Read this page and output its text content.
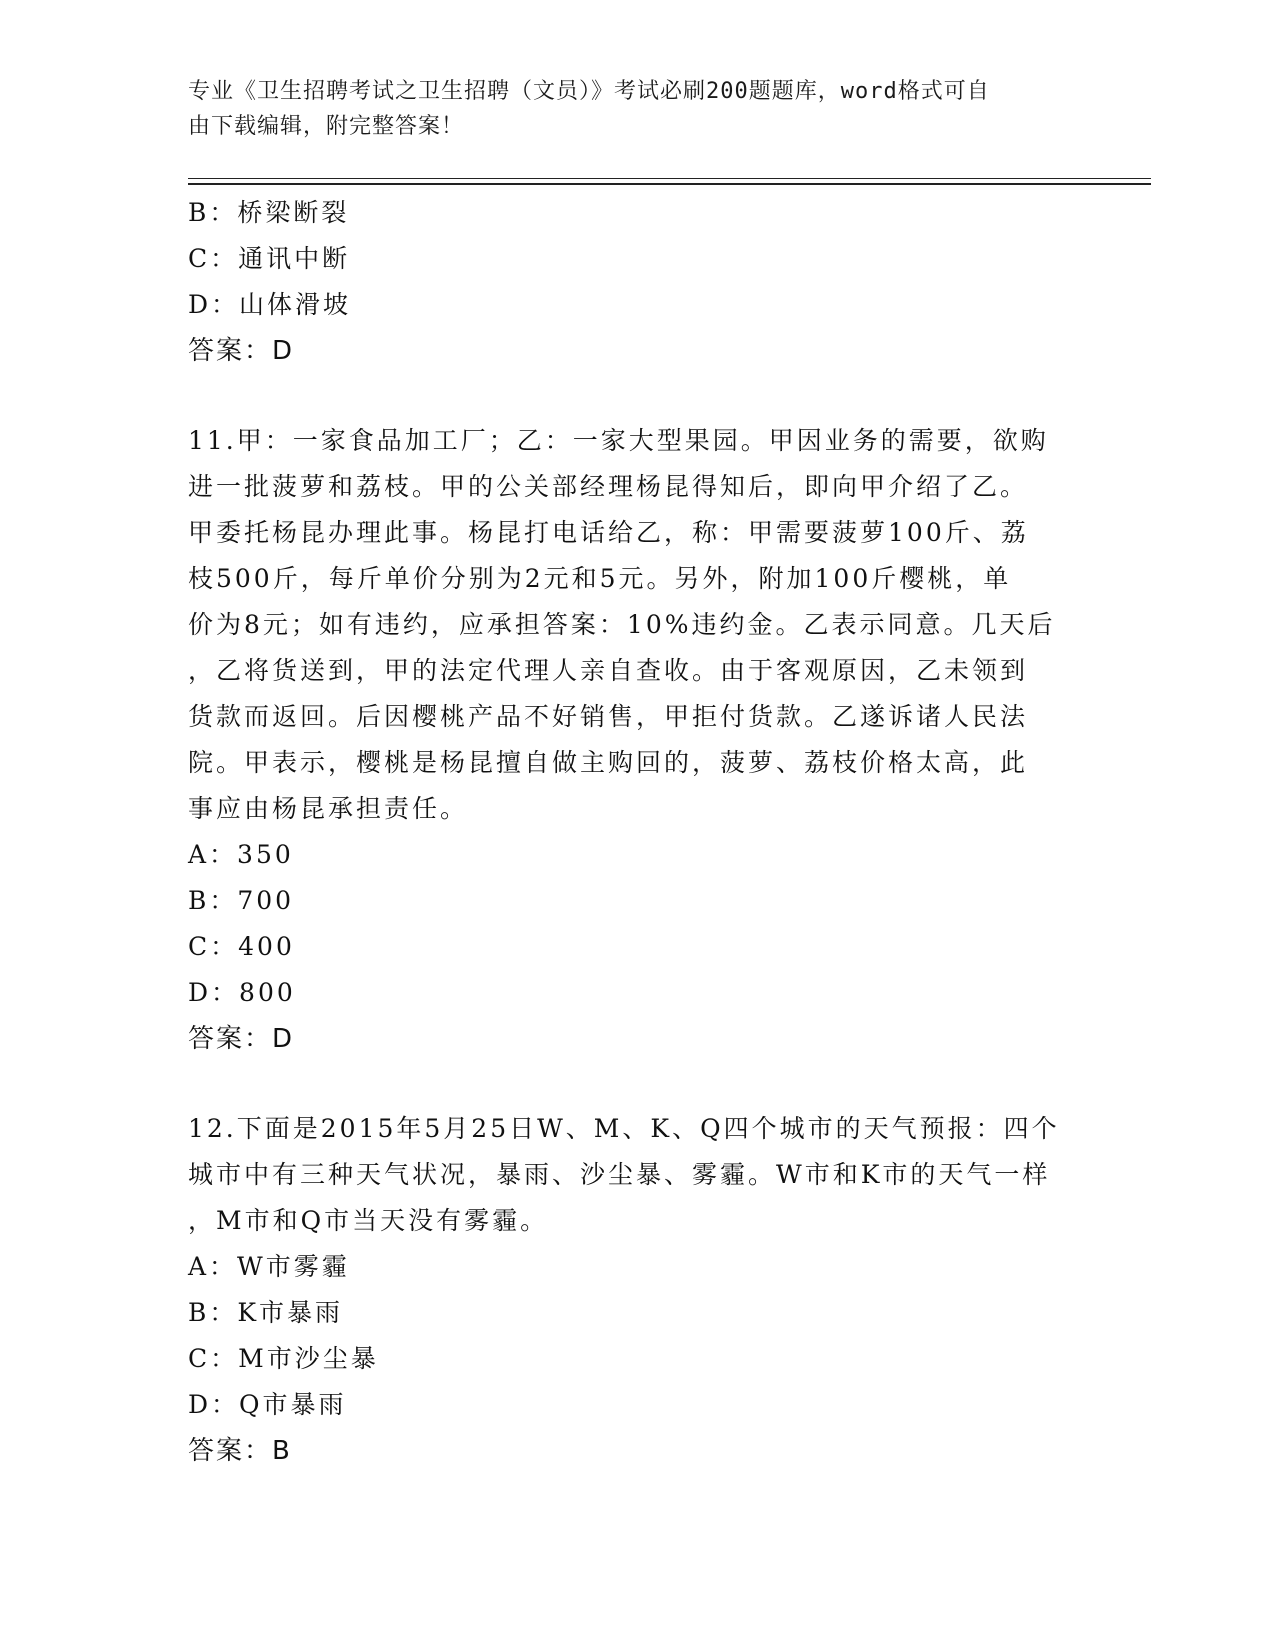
专业《卫生招聘考试之卫生招聘（文员）》考试必刷200题题库，word格式可自
由下载编辑，附完整答案！
B：桥梁断裂
C：通讯中断
D：山体滑坡
答案：D
11.甲：一家食品加工厂；乙：一家大型果园。甲因业务的需要，欲购
进一批菠萝和荔枝。甲的公关部经理杨昆得知后，即向甲介绍了乙。
甲委托杨昆办理此事。杨昆打电话给乙，称：甲需要菠萝100斤、荔
枝500斤，每斤单价分别为2元和5元。另外，附加100斤樱桃，单
价为8元；如有违约，应承担答案：10%违约金。乙表示同意。几天后
，乙将货送到，甲的法定代理人亲自查收。由于客观原因，乙未领到
货款而返回。后因樱桃产品不好销售，甲拒付货款。乙遂诉诸人民法
院。甲表示，樱桃是杨昆擅自做主购回的，菠萝、荔枝价格太高，此
事应由杨昆承担责任。
A：350
B：700
C：400
D：800
答案：D
12.下面是2015年5月25日W、M、K、Q四个城市的天气预报：四个
城市中有三种天气状况，暴雨、沙尘暴、雾霾。W市和K市的天气一样
，M市和Q市当天没有雾霾。
A：W市雾霾
B：K市暴雨
C：M市沙尘暴
D：Q市暴雨
答案：B
